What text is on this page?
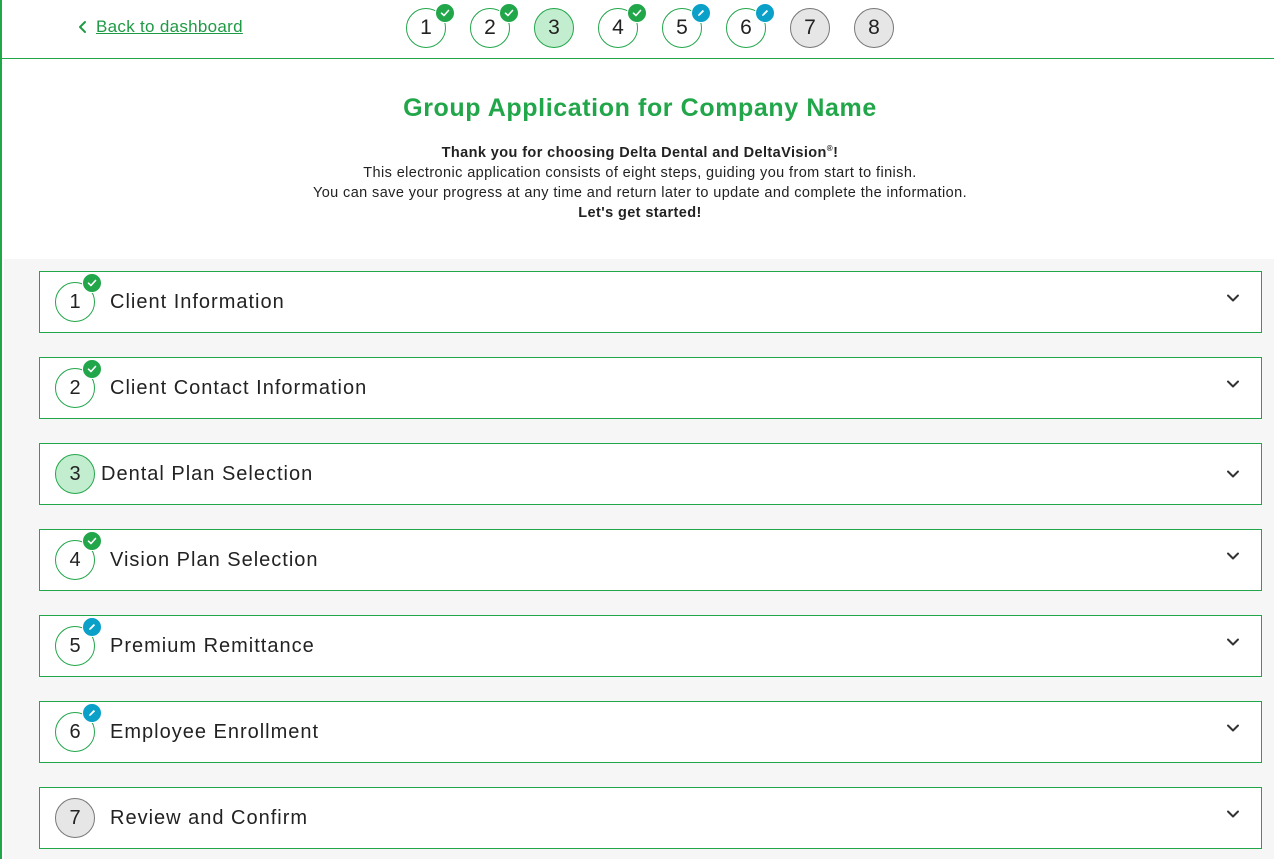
Back to dashboard	1 2 3 4 5 6 7 8
Group Application for Company Name
Thank you for choosing Delta Dental and DeltaVision®!
This electronic application consists of eight steps, guiding you from start to finish.
You can save your progress at any time and return later to update and complete the information.
Let's get started!
1 Client Information
2 Client Contact Information
3 Dental Plan Selection
4 Vision Plan Selection
5 Premium Remittance
6 Employee Enrollment
7 Review and Confirm
